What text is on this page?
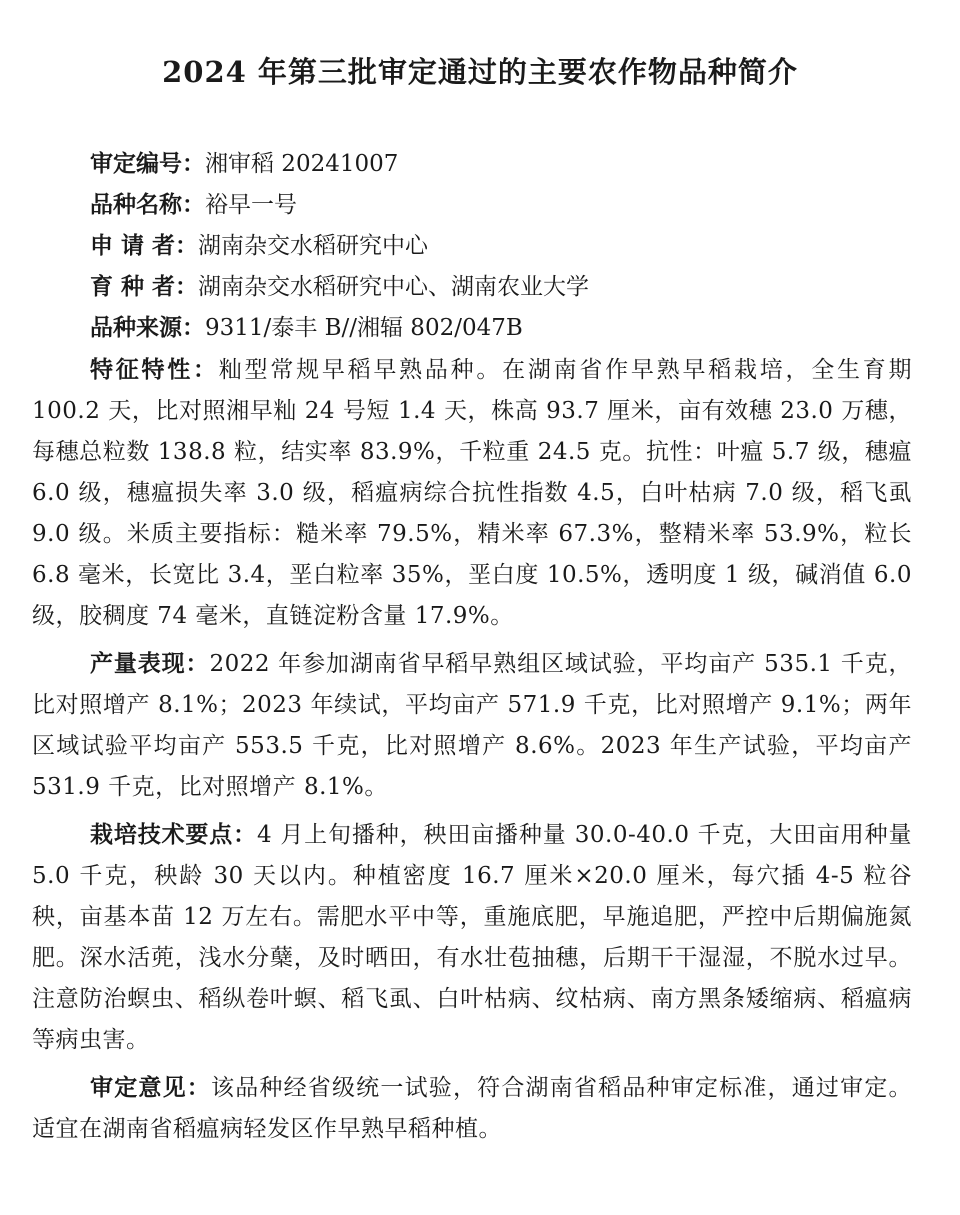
2024 年第三批审定通过的主要农作物品种简介
审定编号：湘审稻 20241007
品种名称：裕早一号
申 请 者：湖南杂交水稻研究中心
育 种 者：湖南杂交水稻研究中心、湖南农业大学
品种来源：9311/泰丰 B//湘辐 802/047B

特征特性：籼型常规早稻早熟品种。在湖南省作早熟早稻栽培，全生育期 100.2 天，比对照湘早籼 24 号短 1.4 天，株高 93.7 厘米，亩有效穗 23.0 万穗，每穗总粒数 138.8 粒，结实率 83.9%，千粒重 24.5 克。抗性：叶瘟 5.7 级，穗瘟 6.0 级，穗瘟损失率 3.0 级，稻瘟病综合抗性指数 4.5，白叶枯病 7.0 级，稻飞虱 9.0 级。米质主要指标：糙米率 79.5%，精米率 67.3%，整精米率 53.9%，粒长 6.8 毫米，长宽比 3.4，垩白粒率 35%，垩白度 10.5%，透明度 1 级，碱消值 6.0 级，胶稠度 74 毫米，直链淀粉含量 17.9%。

产量表现：2022 年参加湖南省早稻早熟组区域试验，平均亩产 535.1 千克，比对照增产 8.1%；2023 年续试，平均亩产 571.9 千克，比对照增产 9.1%；两年区域试验平均亩产 553.5 千克，比对照增产 8.6%。2023 年生产试验，平均亩产 531.9 千克，比对照增产 8.1%。

栽培技术要点：4 月上旬播种，秧田亩播种量 30.0-40.0 千克，大田亩用种量 5.0 千克，秧龄 30 天以内。种植密度 16.7 厘米×20.0 厘米，每穴插 4-5 粒谷秧，亩基本苗 12 万左右。需肥水平中等，重施底肥，早施追肥，严控中后期偏施氮肥。深水活蔸，浅水分蘖，及时晒田，有水壮苞抽穗，后期干干湿湿，不脱水过早。注意防治螟虫、稻纵卷叶螟、稻飞虱、白叶枯病、纹枯病、南方黑条矮缩病、稻瘟病等病虫害。

审定意见：该品种经省级统一试验，符合湖南省稻品种审定标准，通过审定。适宜在湖南省稻瘟病轻发区作早熟早稻种植。
